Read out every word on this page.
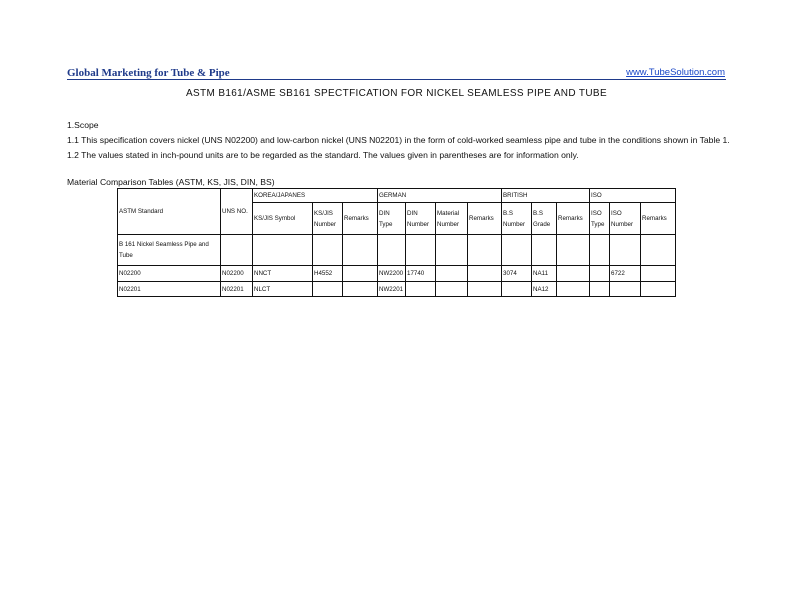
Global Marketing for Tube & Pipe	www.TubeSolution.com
ASTM B161/ASME SB161 SPECTFICATION FOR NICKEL SEAMLESS PIPE AND TUBE
1.Scope
1.1 This specification covers nickel (UNS N02200) and low-carbon nickel (UNS N02201) in the form of cold-worked seamless pipe and tube in the conditions shown in Table 1.
1.2 The values stated in inch-pound units are to be regarded as the standard. The values given in parentheses are for information only.
Material Comparison Tables (ASTM, KS, JIS, DIN, BS)
ASTM Standard	UNS NO.	KOREA/JAPANES			GERMAN				BRITISH			ISO		
		KS/JIS Symbol	KS/JIS Number	Remarks	DIN Type	DIN Number	Material Number	Remarks	B.S Number	B.S Grade	Remarks	ISO Type	ISO Number	Remarks
B 161 Nickel Seamless Pipe and Tube														
N02200	N02200	NNCT	H4552		NW2200	17740			3074	NA11			6722	
N02201	N02201	NLCT			NW2201					NA12				
